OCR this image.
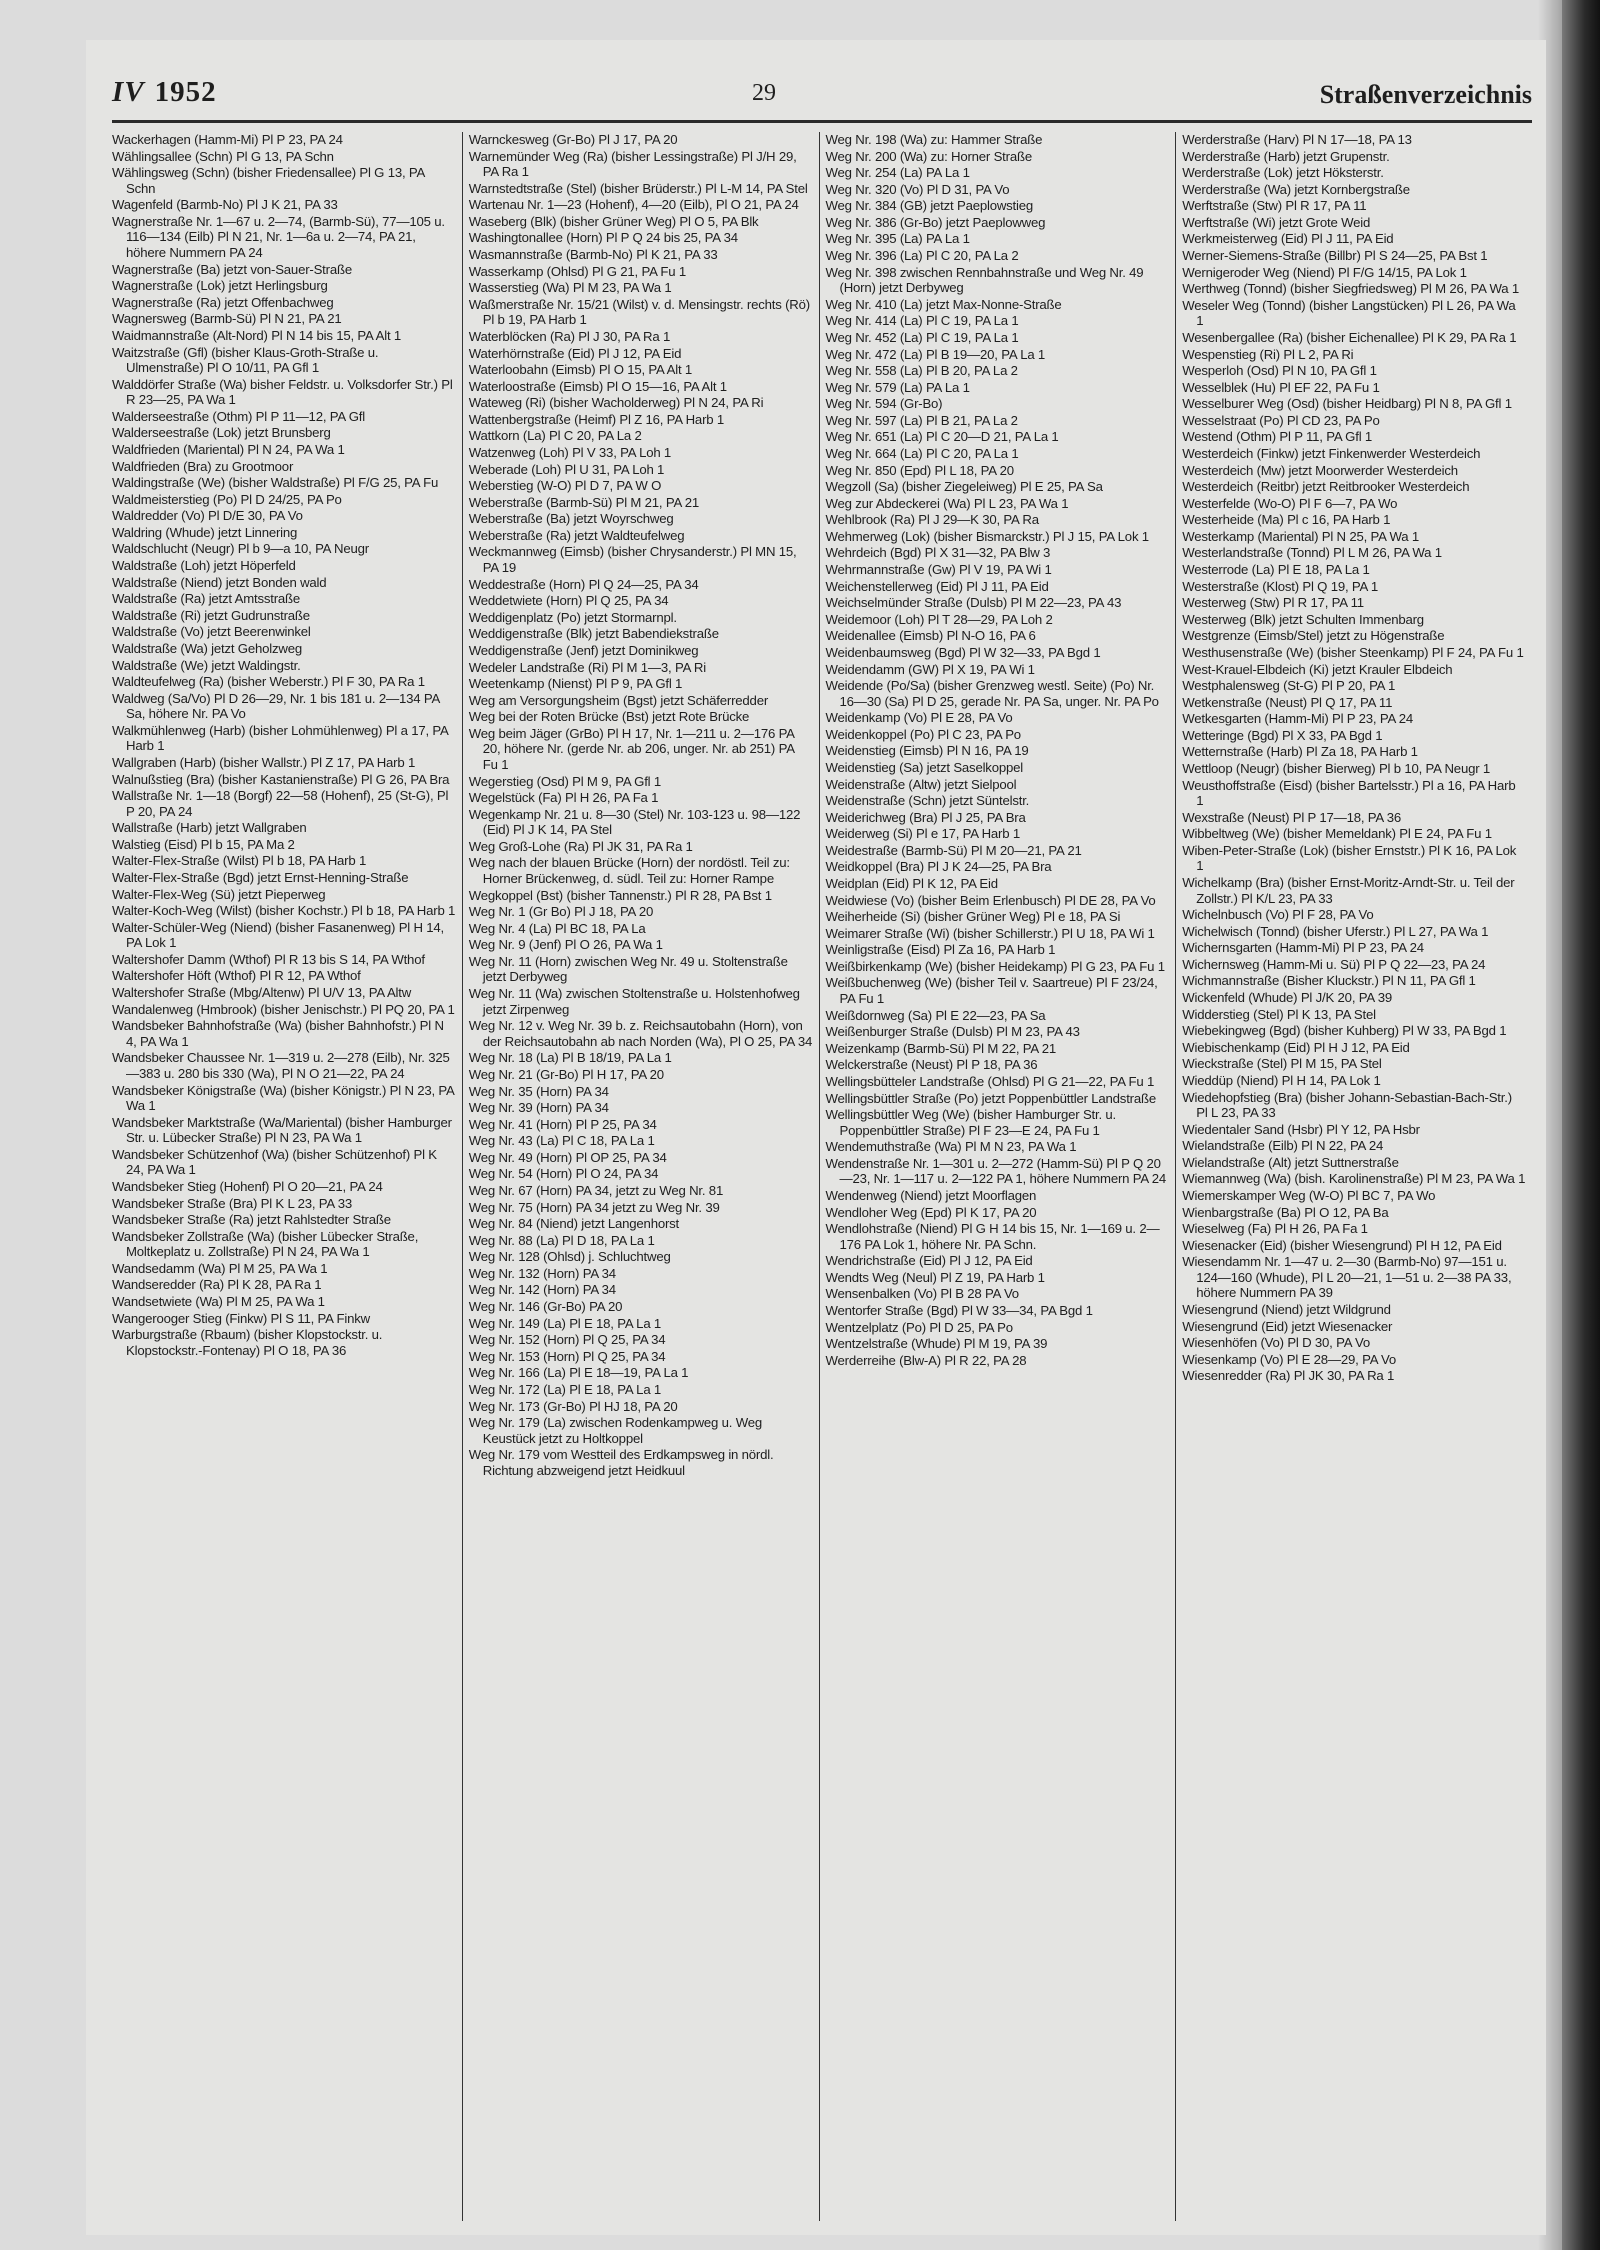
IV 1952	29	Straßenverzeichnis
Wackerhagen (Hamm-Mi) Pl P 23, PA 24
Wählingsallee (Schn) Pl G 13, PA Schn
Wählingsweg (Schn) (bisher Friedensallee) Pl G 13, PA Schn
Wagenfeld (Barmb-No) Pl J K 21, PA 33
Wagnerstraße Nr. 1—67 u. 2—74, (Barmb-Sü), 77—105 u. 116—134 (Eilb) Pl N 21, Nr. 1—6a u. 2—74, PA 21, höhere Nummern PA 24
Wagnerstraße (Ba) jetzt von-Sauer-Straße
Wagnerstraße (Lok) jetzt Herlingsburg
Wagnerstraße (Ra) jetzt Offenbachweg
Wagnersweg (Barmb-Sü) Pl N 21, PA 21
Waidmannstraße (Alt-Nord) Pl N 14 bis 15, PA Alt 1
Waitzstraße (Gfl) (bisher Klaus-Groth-Straße u. Ulmenstraße) Pl O 10/11, PA Gfl 1
Walddörfer Straße (Wa) bisher Feldstr. u. Volksdorfer Str.) Pl R 23—25, PA Wa 1
Walderseestraße (Othm) Pl P 11—12, PA Gfl
Walderseestraße (Lok) jetzt Brunsberg
Waldfrieden (Mariental) Pl N 24, PA Wa 1
Waldfrieden (Bra) zu Grootmoor
Waldingstraße (We) (bisher Waldstraße) Pl F/G 25, PA Fu
Waldmeisterstieg (Po) Pl D 24/25, PA Po
Waldredder (Vo) Pl D/E 30, PA Vo
Waldring (Whude) jetzt Linnering
Waldschlucht (Neugr) Pl b 9—a 10, PA Neugr
Waldstraße (Loh) jetzt Höperfeld
Waldstraße (Niend) jetzt Bonden wald
Waldstraße (Ra) jetzt Amtsstraße
Waldstraße (Ri) jetzt Gudrunstraße
Waldstraße (Vo) jetzt Beerenwinkel
Waldstraße (Wa) jetzt Geholzweg
Waldstraße (We) jetzt Waldingstr.
Waldteufelweg (Ra) (bisher Weberstr.) Pl F 30, PA Ra 1
Waldweg (Sa/Vo) Pl D 26—29, Nr. 1 bis 181 u. 2—134 PA Sa, höhere Nr. PA Vo
Walkmühlenweg (Harb) (bisher Lohmühlenweg) Pl a 17, PA Harb 1
Wallgraben (Harb) (bisher Wallstr.) Pl Z 17, PA Harb 1
Walnußstieg (Bra) (bisher Kastanienstraße) Pl G 26, PA Bra
Wallstraße Nr. 1—18 (Borgf) 22—58 (Hohenf), 25 (St-G), Pl P 20, PA 24
Wallstraße (Harb) jetzt Wallgraben
Walstieg (Eisd) Pl b 15, PA Ma 2
Walter-Flex-Straße (Wilst) Pl b 18, PA Harb 1
Walter-Flex-Straße (Bgd) jetzt Ernst-Henning-Straße
Walter-Flex-Weg (Sü) jetzt Pieperweg
Walter-Koch-Weg (Wilst) (bisher Kochstr.) Pl b 18, PA Harb 1
Walter-Schüler-Weg (Niend) (bisher Fasanenweg) Pl H 14, PA Lok 1
Waltershofer Damm (Wthof) Pl R 13 bis S 14, PA Wthof
Waltershofer Höft (Wthof) Pl R 12, PA Wthof
Waltershofer Straße (Mbg/Altenw) Pl U/V 13, PA Altw
Wandalenweg (Hmbrook) (bisher Jenischstr.) Pl PQ 20, PA 1
Wandsbeker Bahnhofstraße (Wa) (bisher Bahnhofstr.) Pl N 4, PA Wa 1
Wandsbeker Chaussee Nr. 1—319 u. 2—278 (Eilb), Nr. 325—383 u. 280 bis 330 (Wa), Pl N O 21—22, PA 24
Wandsbeker Königstraße (Wa) (bisher Königstr.) Pl N 23, PA Wa 1
Wandsbeker Marktstraße (Wa/Mariental) (bisher Hamburger Str. u. Lübecker Straße) Pl N 23, PA Wa 1
Wandsbeker Schützenhof (Wa) (bisher Schützenhof) Pl K 24, PA Wa 1
Wandsbeker Stieg (Hohenf) Pl O 20—21, PA 24
Wandsbeker Straße (Bra) Pl K L 23, PA 33
Wandsbeker Straße (Ra) jetzt Rahlstedter Straße
Wandsbeker Zollstraße (Wa) (bisher Lübecker Straße, Moltkeplatz u. Zollstraße) Pl N 24, PA Wa 1
Wandsedamm (Wa) Pl M 25, PA Wa 1
Wandseredder (Ra) Pl K 28, PA Ra 1
Wandsetwiete (Wa) Pl M 25, PA Wa 1
Wangerooger Stieg (Finkw) Pl S 11, PA Finkw
Warburgstraße (Rbaum) (bisher Klopstockstr. u. Klopstockstr.-Fontenay) Pl O 18, PA 36
Warnckesweg (Gr-Bo) Pl J 17, PA 20
Warnemünder Weg (Ra) (bisher Lessingstraße) Pl J/H 29, PA Ra 1
Warnstedtstraße (Stel) (bisher Brüderstr.) Pl L-M 14, PA Stel
Wartenau Nr. 1—23 (Hohenf), 4—20 (Eilb), Pl O 21, PA 24
Waseberg (Blk) (bisher Grüner Weg) Pl O 5, PA Blk
Washingtonallee (Horn) Pl P Q 24 bis 25, PA 34
Wasmannstraße (Barmb-No) Pl K 21, PA 33
Wasserkamp (Ohlsd) Pl G 21, PA Fu 1
Wasserstieg (Wa) Pl M 23, PA Wa 1
Waßmerstraße Nr. 15/21 (Wilst) v. d. Mensingstr. rechts (Rö) Pl b 19, PA Harb 1
Waterblöcken (Ra) Pl J 30, PA Ra 1
Waterhörnstraße (Eid) Pl J 12, PA Eid
Waterloobahn (Eimsb) Pl O 15, PA Alt 1
Waterloostraße (Eimsb) Pl O 15—16, PA Alt 1
Wateweg (Ri) (bisher Wacholderweg) Pl N 24, PA Ri
Wattenbergstraße (Heimf) Pl Z 16, PA Harb 1
Wattkorn (La) Pl C 20, PA La 2
Watzenweg (Loh) Pl V 33, PA Loh 1
Weberade (Loh) Pl U 31, PA Loh 1
Weberstieg (W-O) Pl D 7, PA W O
Weberstraße (Barmb-Sü) Pl M 21, PA 21
Weberstraße (Ba) jetzt Woyrschweg
Weberstraße (Ra) jetzt Waldteufelweg
Weckmannweg (Eimsb) (bisher Chrysanderstr.) Pl MN 15, PA 19
Weddestraße (Horn) Pl Q 24—25, PA 34
Weddetwiete (Horn) Pl Q 25, PA 34
Weddigenplatz (Po) jetzt Stormarnpl.
Weddigenstraße (Blk) jetzt Babendiekstraße
Weddigenstraße (Jenf) jetzt Dominikweg
Wedeler Landstraße (Ri) Pl M 1—3, PA Ri
Weetenkamp (Nienst) Pl P 9, PA Gfl 1
Weg am Versorgungsheim (Bgst) jetzt Schäferredder
Weg bei der Roten Brücke (Bst) jetzt Rote Brücke
Weg beim Jäger (GrBo) Pl H 17, Nr. 1—211 u. 2—176 PA 20, höhere Nr. (gerde Nr. ab 206, unger. Nr. ab 251) PA Fu 1
Wegerstieg (Osd) Pl M 9, PA Gfl 1
Wegelstück (Fa) Pl H 26, PA Fa 1
Wegenkamp Nr. 21 u. 8—30 (Stel) Nr. 103-123 u. 98—122 (Eid) Pl J K 14, PA Stel
Weg Groß-Lohe (Ra) Pl JK 31, PA Ra 1
Weg nach der blauen Brücke (Horn) der nordöstl. Teil zu: Horner Brückenweg, d. südl. Teil zu: Horner Rampe
Wegkoppel (Bst) (bisher Tannenstr.) Pl R 28, PA Bst 1
Weg Nr. 1 (Gr Bo) Pl J 18, PA 20
Weg Nr. 4 (La) Pl BC 18, PA La
Weg Nr. 9 (Jenf) Pl O 26, PA Wa 1
Weg Nr. 11 (Horn) zwischen Weg Nr. 49 u. Stoltenstraße jetzt Derbyweg
Weg Nr. 11 (Wa) zwischen Stoltenstraße u. Holstenhofweg jetzt Zirpenweg
Weg Nr. 12 v. Weg Nr. 39 b. z. Reichsautobahn (Horn), von der Reichsautobahn ab nach Norden (Wa), Pl O 25, PA 34
Weg Nr. 18 (La) Pl B 18/19, PA La 1
Weg Nr. 21 (Gr-Bo) Pl H 17, PA 20
Weg Nr. 35 (Horn) PA 34
Weg Nr. 39 (Horn) PA 34
Weg Nr. 41 (Horn) Pl P 25, PA 34
Weg Nr. 43 (La) Pl C 18, PA La 1
Weg Nr. 49 (Horn) Pl OP 25, PA 34
Weg Nr. 54 (Horn) Pl O 24, PA 34
Weg Nr. 67 (Horn) PA 34, jetzt zu Weg Nr. 81
Weg Nr. 75 (Horn) PA 34 jetzt zu Weg Nr. 39
Weg Nr. 84 (Niend) jetzt Langenhorst
Weg Nr. 88 (La) Pl D 18, PA La 1
Weg Nr. 128 (Ohlsd) j. Schluchtweg
Weg Nr. 132 (Horn) PA 34
Weg Nr. 142 (Horn) PA 34
Weg Nr. 146 (Gr-Bo) PA 20
Weg Nr. 149 (La) Pl E 18, PA La 1
Weg Nr. 152 (Horn) Pl Q 25, PA 34
Weg Nr. 153 (Horn) Pl Q 25, PA 34
Weg Nr. 166 (La) Pl E 18—19, PA La 1
Weg Nr. 172 (La) Pl E 18, PA La 1
Weg Nr. 173 (Gr-Bo) Pl HJ 18, PA 20
Weg Nr. 179 (La) zwischen Rodenkampweg u. Weg Keustück jetzt zu Holtkoppel
Weg Nr. 179 vom Westteil des Erdkampsweg in nördl. Richtung abzweigend jetzt Heidkuul
Weg Nr. 198 (Wa) zu: Hammer Straße
Weg Nr. 200 (Wa) zu: Horner Straße
Weg Nr. 254 (La) PA La 1
Weg Nr. 320 (Vo) Pl D 31, PA Vo
Weg Nr. 384 (GB) jetzt Paeplowstieg
Weg Nr. 386 (Gr-Bo) jetzt Paeplowweg
Weg Nr. 395 (La) PA La 1
Weg Nr. 396 (La) Pl C 20, PA La 2
Weg Nr. 398 zwischen Rennbahnstraße und Weg Nr. 49 (Horn) jetzt Derbyweg
Weg Nr. 410 (La) jetzt Max-Nonne-Straße
Weg Nr. 414 (La) Pl C 19, PA La 1
Weg Nr. 452 (La) Pl C 19, PA La 1
Weg Nr. 472 (La) Pl B 19—20, PA La 1
Weg Nr. 558 (La) Pl B 20, PA La 2
Weg Nr. 579 (La) PA La 1
Weg Nr. 594 (Gr-Bo)
Weg Nr. 597 (La) Pl B 21, PA La 2
Weg Nr. 651 (La) Pl C 20—D 21, PA La 1
Weg Nr. 664 (La) Pl C 20, PA La 1
Weg Nr. 850 (Epd) Pl L 18, PA 20
Wegzoll (Sa) (bisher Ziegeleiweg) Pl E 25, PA Sa
Weg zur Abdeckerei (Wa) Pl L 23, PA Wa 1
Wehlbrook (Ra) Pl J 29—K 30, PA Ra
Wehmerweg (Lok) (bisher Bismarckstr.) Pl J 15, PA Lok 1
Wehrdeich (Bgd) Pl X 31—32, PA Blw 3
Wehrmannstraße (Gw) Pl V 19, PA Wi 1
Weichenstellerweg (Eid) Pl J 11, PA Eid
Weichselmünder Straße (Dulsb) Pl M 22—23, PA 43
Weidemoor (Loh) Pl T 28—29, PA Loh 2
Weidenallee (Eimsb) Pl N-O 16, PA 6
Weidenbaumsweg (Bgd) Pl W 32—33, PA Bgd 1
Weidendamm (GW) Pl X 19, PA Wi 1
Weidende (Po/Sa) (bisher Grenzweg westl. Seite) (Po) Nr. 16—30 (Sa) Pl D 25, gerade Nr. PA Sa, unger. Nr. PA Po
Weidenkamp (Vo) Pl E 28, PA Vo
Weidenkoppel (Po) Pl C 23, PA Po
Weidenstieg (Eimsb) Pl N 16, PA 19
Weidenstieg (Sa) jetzt Saselkoppel
Weidenstraße (Altw) jetzt Sielpool
Weidenstraße (Schn) jetzt Süntelstr.
Weiderichweg (Bra) Pl J 25, PA Bra
Weiderweg (Si) Pl e 17, PA Harb 1
Weidestraße (Barmb-Sü) Pl M 20—21, PA 21
Weidkoppel (Bra) Pl J K 24—25, PA Bra
Weidplan (Eid) Pl K 12, PA Eid
Weidwiese (Vo) (bisher Beim Erlenbusch) Pl DE 28, PA Vo
Weiherheide (Si) (bisher Grüner Weg) Pl e 18, PA Si
Weimarer Straße (Wi) (bisher Schillerstr.) Pl U 18, PA Wi 1
Weinligstraße (Eisd) Pl Za 16, PA Harb 1
Weißbirkenkamp (We) (bisher Heidekamp) Pl G 23, PA Fu 1
Weißbuchenweg (We) (bisher Teil v. Saartreue) Pl F 23/24, PA Fu 1
Weißdornweg (Sa) Pl E 22—23, PA Sa
Weißenburger Straße (Dulsb) Pl M 23, PA 43
Weizenkamp (Barmb-Sü) Pl M 22, PA 21
Welckerstraße (Neust) Pl P 18, PA 36
Wellingsbütteler Landstraße (Ohlsd) Pl G 21—22, PA Fu 1
Wellingsbüttler Straße (Po) jetzt Poppenbüttler Landstraße
Wellingsbüttler Weg (We) (bisher Hamburger Str. u. Poppenbüttler Straße) Pl F 23—E 24, PA Fu 1
Wendemuthstraße (Wa) Pl M N 23, PA Wa 1
Wendenstraße Nr. 1—301 u. 2—272 (Hamm-Sü) Pl P Q 20—23, Nr. 1—117 u. 2—122 PA 1, höhere Nummern PA 24
Wendenweg (Niend) jetzt Moorflagen
Wendloher Weg (Epd) Pl K 17, PA 20
Wendlohstraße (Niend) Pl G H 14 bis 15, Nr. 1—169 u. 2—176 PA Lok 1, höhere Nr. PA Schn.
Wendrichstraße (Eid) Pl J 12, PA Eid
Wendts Weg (Neul) Pl Z 19, PA Harb 1
Wensenbalken (Vo) Pl B 28 PA Vo
Wentorfer Straße (Bgd) Pl W 33—34, PA Bgd 1
Wentzelplatz (Po) Pl D 25, PA Po
Wentzelstraße (Whude) Pl M 19, PA 39
Werderreihe (Blw-A) Pl R 22, PA 28
Werderstraße (Harv) Pl N 17—18, PA 13
Werderstraße (Harb) jetzt Grupenstr.
Werderstraße (Lok) jetzt Höksterstr.
Werderstraße (Wa) jetzt Kornbergstraße
Werftstraße (Stw) Pl R 17, PA 11
Werftstraße (Wi) jetzt Grote Weid
Werkmeisterweg (Eid) Pl J 11, PA Eid
Werner-Siemens-Straße (Billbr) Pl S 24—25, PA Bst 1
Wernigeroder Weg (Niend) Pl F/G 14/15, PA Lok 1
Werthweg (Tonnd) (bisher Siegfriedsweg) Pl M 26, PA Wa 1
Weseler Weg (Tonnd) (bisher Langstücken) Pl L 26, PA Wa 1
Wesenbergallee (Ra) (bisher Eichenallee) Pl K 29, PA Ra 1
Wespenstieg (Ri) Pl L 2, PA Ri
Wesperloh (Osd) Pl N 10, PA Gfl 1
Wesselblek (Hu) Pl EF 22, PA Fu 1
Wesselburer Weg (Osd) (bisher Heidbarg) Pl N 8, PA Gfl 1
Wesselstraat (Po) Pl CD 23, PA Po
Westend (Othm) Pl P 11, PA Gfl 1
Westerdeich (Finkw) jetzt Finkenwerder Westerdeich
Westerdeich (Mw) jetzt Moorwerder Westerdeich
Westerdeich (Reitbr) jetzt Reitbrooker Westerdeich
Westerfelde (Wo-O) Pl F 6—7, PA Wo
Westerheide (Ma) Pl c 16, PA Harb 1
Westerkamp (Mariental) Pl N 25, PA Wa 1
Westerlandstraße (Tonnd) Pl L M 26, PA Wa 1
Westerrode (La) Pl E 18, PA La 1
Westerstraße (Klost) Pl Q 19, PA 1
Westerweg (Stw) Pl R 17, PA 11
Westerweg (Blk) jetzt Schulten Immenbarg
Westgrenze (Eimsb/Stel) jetzt zu Högenstraße
Westhusenstraße (We) (bisher Steenkamp) Pl F 24, PA Fu 1
West-Krauel-Elbdeich (Ki) jetzt Krauler Elbdeich
Westphalensweg (St-G) Pl P 20, PA 1
Wetkenstraße (Neust) Pl Q 17, PA 11
Wetkesgarten (Hamm-Mi) Pl P 23, PA 24
Wetteringe (Bgd) Pl X 33, PA Bgd 1
Wetternstraße (Harb) Pl Za 18, PA Harb 1
Wettloop (Neugr) (bisher Bierweg) Pl b 10, PA Neugr 1
Weusthoffstraße (Eisd) (bisher Bartelsstr.) Pl a 16, PA Harb 1
Wexstraße (Neust) Pl P 17—18, PA 36
Wibbeltweg (We) (bisher Memeldank) Pl E 24, PA Fu 1
Wiben-Peter-Straße (Lok) (bisher Ernststr.) Pl K 16, PA Lok 1
Wichelkamp (Bra) (bisher Ernst-Moritz-Arndt-Str. u. Teil der Zollstr.) Pl K/L 23, PA 33
Wichelnbusch (Vo) Pl F 28, PA Vo
Wichelwisch (Tonnd) (bisher Uferstr.) Pl L 27, PA Wa 1
Wichernsgarten (Hamm-Mi) Pl P 23, PA 24
Wichernsweg (Hamm-Mi u. Sü) Pl P Q 22—23, PA 24
Wichmannstraße (Bisher Kluckstr.) Pl N 11, PA Gfl 1
Wickenfeld (Whude) Pl J/K 20, PA 39
Widderstieg (Stel) Pl K 13, PA Stel
Wiebekingweg (Bgd) (bisher Kuhberg) Pl W 33, PA Bgd 1
Wiebischenkamp (Eid) Pl H J 12, PA Eid
Wieckstraße (Stel) Pl M 15, PA Stel
Wieddüp (Niend) Pl H 14, PA Lok 1
Wiedehopfstieg (Bra) (bisher Johann-Sebastian-Bach-Str.) Pl L 23, PA 33
Wiedentaler Sand (Hsbr) Pl Y 12, PA Hsbr
Wielandstraße (Eilb) Pl N 22, PA 24
Wielandstraße (Alt) jetzt Suttnerstraße
Wiemannweg (Wa) (bish. Karolinenstraße) Pl M 23, PA Wa 1
Wiemerskamper Weg (W-O) Pl BC 7, PA Wo
Wienbargstraße (Ba) Pl O 12, PA Ba
Wieselweg (Fa) Pl H 26, PA Fa 1
Wiesenacker (Eid) (bisher Wiesengrund) Pl H 12, PA Eid
Wiesendamm Nr. 1—47 u. 2—30 (Barmb-No) 97—151 u. 124—160 (Whude), Pl L 20—21, 1—51 u. 2—38 PA 33, höhere Nummern PA 39
Wiesengrund (Niend) jetzt Wildgrund
Wiesengrund (Eid) jetzt Wiesenacker
Wiesenhöfen (Vo) Pl D 30, PA Vo
Wiesenkamp (Vo) Pl E 28—29, PA Vo
Wiesenredder (Ra) Pl JK 30, PA Ra 1
